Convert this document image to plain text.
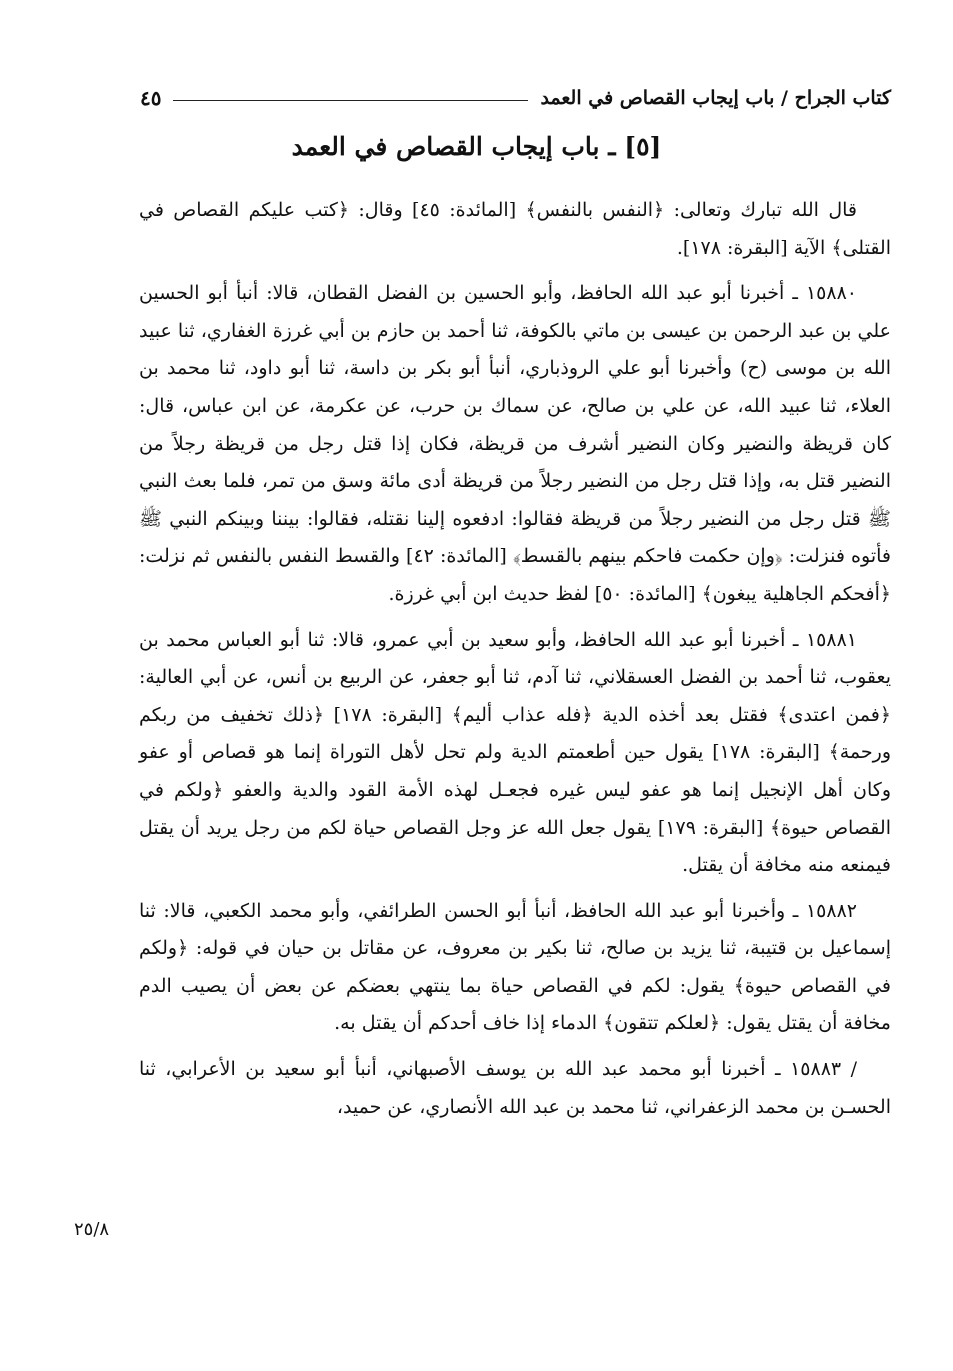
كتاب الجراح / باب إيجاب القصاص في العمد
٤٥
[٥] ـ باب إيجاب القصاص في العمد

قال الله تبارك وتعالى: ﴿النفس بالنفس﴾ [المائدة: ٤٥] وقال: ﴿كتب عليكم القصاص في القتلى﴾ الآية [البقرة: ١٧٨].

١٥٨٨٠ ـ أخبرنا أبو عبد الله الحافظ، وأبو الحسين بن الفضل القطان، قالا: أنبأ أبو الحسين علي بن عبد الرحمن بن عيسى بن ماتي بالكوفة، ثنا أحمد بن حازم بن أبي غرزة الغفاري، ثنا عبيد الله بن موسى (ح) وأخبرنا أبو علي الروذباري، أنبأ أبو بكر بن داسة، ثنا أبو داود، ثنا محمد بن العلاء، ثنا عبيد الله، عن علي بن صالح، عن سماك بن حرب، عن عكرمة، عن ابن عباس، قال: كان قريظة والنضير وكان النضير أشرف من قريظة، فكان إذا قتل رجل من قريظة رجلاً من النضير قتل به، وإذا قتل رجل من النضير رجلاً من قريظة أدى مائة وسق من تمر، فلما بعث النبي ﷺ قتل رجل من النضير رجلاً من قريظة فقالوا: ادفعوه إلينا نقتله، فقالوا: بيننا وبينكم النبي ﷺ فأتوه فنزلت: ﴿وإن حكمت فاحكم بينهم بالقسط﴾ [المائدة: ٤٢] والقسط النفس بالنفس ثم نزلت: ﴿أفحكم الجاهلية يبغون﴾ [المائدة: ٥٠] لفظ حديث ابن أبي غرزة.

١٥٨٨١ ـ أخبرنا أبو عبد الله الحافظ، وأبو سعيد بن أبي عمرو، قالا: ثنا أبو العباس محمد بن يعقوب، ثنا أحمد بن الفضل العسقلاني، ثنا آدم، ثنا أبو جعفر، عن الربيع بن أنس، عن أبي العالية: ﴿فمن اعتدى﴾ فقتل بعد أخذه الدية ﴿فله عذاب أليم﴾ [البقرة: ١٧٨] ﴿ذلك تخفيف من ربكم ورحمة﴾ [البقرة: ١٧٨] يقول حين أطعمتم الدية ولم تحل لأهل التوراة إنما هو قصاص أو عفو وكان أهل الإنجيل إنما هو عفو ليس غيره فجعـل لهذه الأمة القود والدية والعفو ﴿ولكم في القصاص حيوة﴾ [البقرة: ١٧٩] يقول جعل الله عز وجل القصاص حياة لكم من رجل يريد أن يقتل فيمنعه منه مخافة أن يقتل.

١٥٨٨٢ ـ وأخبرنا أبو عبد الله الحافظ، أنبأ أبو الحسن الطرائفي، وأبو محمد الكعبي، قالا: ثنا إسماعيل بن قتيبة، ثنا يزيد بن صالح، ثنا بكير بن معروف، عن مقاتل بن حيان في قوله: ﴿ولكم في القصاص حيوة﴾ يقول: لكم في القصاص حياة بما ينتهي بعضكم عن بعض أن يصيب الدم مخافة أن يقتل يقول: ﴿لعلكم تتقون﴾ الدماء إذا خاف أحدكم أن يقتل به.

/ ١٥٨٨٣ ـ أخبرنا أبو محمد عبد الله بن يوسف الأصبهاني، أنبأ أبو سعيد بن الأعرابي، ثنا الحسـن بن محمد الزعفراني، ثنا محمد بن عبد الله الأنصاري، عن حميد،

٢٥/٨
